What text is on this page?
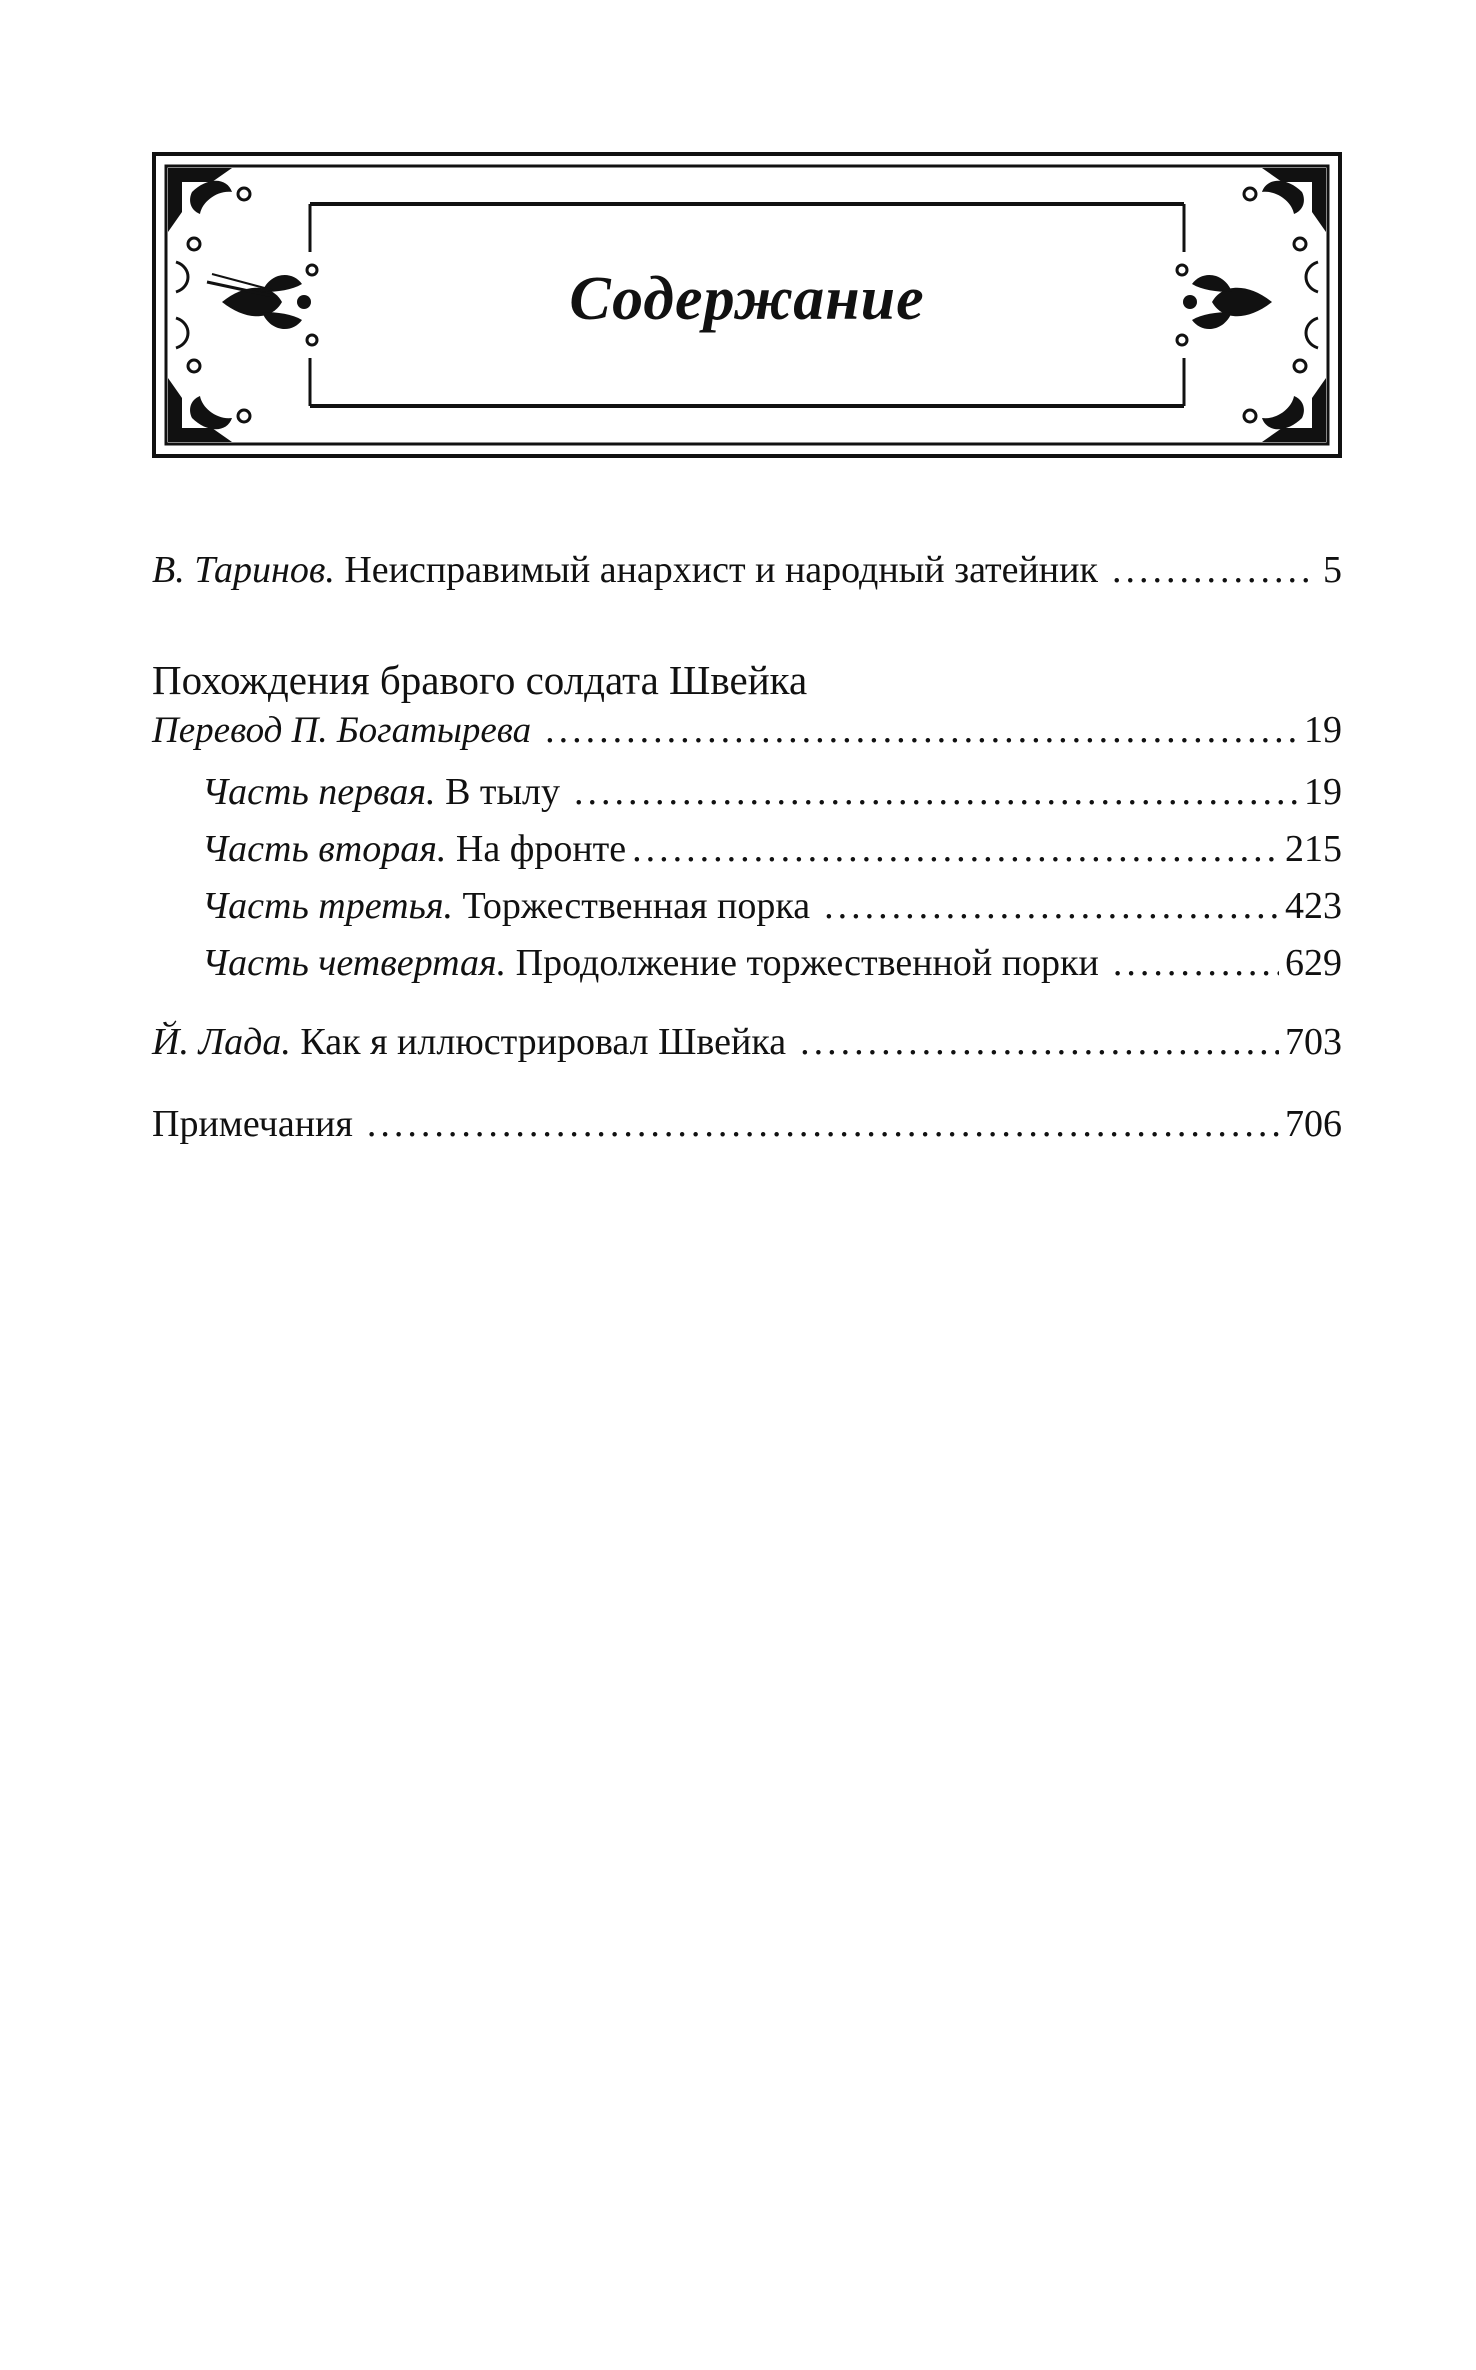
Содержание
В. Таринов.
Неисправимый анархист и народный затейник .....	5
Похождения бравого солдата Швейка
Перевод П. Богатырева .....	19
Часть первая.
В тылу .....	19
Часть вторая.
На фронте .....	215
Часть третья.
Торжественная порка .....	423
Часть четвертая.
Продолжение торжественной порки .....	629
Й. Лада.
Как я иллюстрировал Швейка .....	703
Примечания .....	706
